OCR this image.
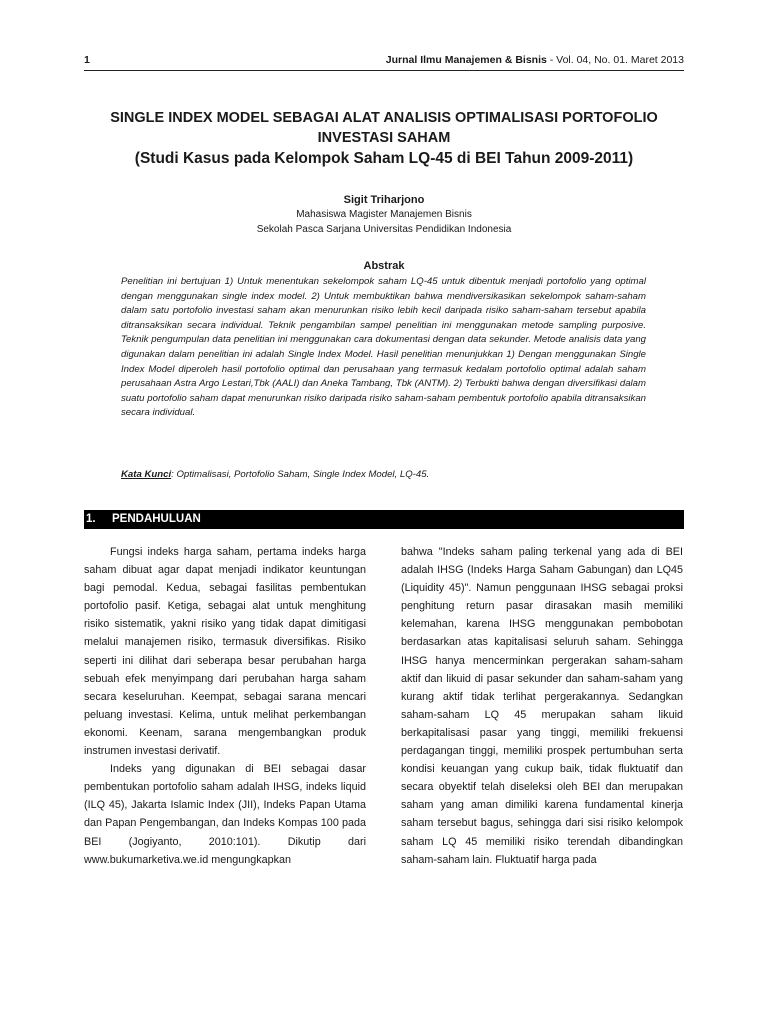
1	Jurnal Ilmu Manajemen & Bisnis - Vol. 04, No. 01. Maret 2013
SINGLE INDEX MODEL SEBAGAI ALAT ANALISIS OPTIMALISASI PORTOFOLIO
INVESTASI SAHAM
(Studi Kasus pada Kelompok Saham LQ-45 di BEI Tahun 2009-2011)
Sigit Triharjono
Mahasiswa Magister Manajemen Bisnis
Sekolah Pasca Sarjana Universitas Pendidikan Indonesia
Abstrak
Penelitian ini bertujuan 1) Untuk menentukan sekelompok saham LQ-45 untuk dibentuk menjadi portofolio yang optimal dengan menggunakan single index model. 2) Untuk membuktikan bahwa mendiversikasikan sekelompok saham-saham dalam satu portofolio investasi saham akan menurunkan risiko lebih kecil daripada risiko saham-saham tersebut apabila ditransaksikan secara individual. Teknik pengambilan sampel penelitian ini menggunakan metode sampling purposive. Teknik pengumpulan data penelitian ini menggunakan cara dokumentasi dengan data sekunder. Metode analisis data yang digunakan dalam penelitian ini adalah Single Index Model. Hasil penelitian menunjukkan 1) Dengan menggunakan Single Index Model diperoleh hasil portofolio optimal dan perusahaan yang termasuk kedalam portofolio optimal adalah saham perusahaan Astra Argo Lestari,Tbk (AALI) dan Aneka Tambang, Tbk (ANTM). 2) Terbukti bahwa dengan diversifikasi dalam suatu portofolio saham dapat menurunkan risiko daripada risiko saham-saham pembentuk portofolio apabila ditransaksikan secara individual.
Kata Kunci: Optimalisasi, Portofolio Saham, Single Index Model, LQ-45.
1. PENDAHULUAN

Fungsi indeks harga saham, pertama indeks harga saham dibuat agar dapat menjadi indikator keuntungan bagi pemodal. Kedua, sebagai fasilitas pembentukan portofolio pasif. Ketiga, sebagai alat untuk menghitung risiko sistematik, yakni risiko yang tidak dapat dimitigasi melalui manajemen risiko, termasuk diversifikas. Risiko seperti ini dilihat dari seberapa besar perubahan harga sebuah efek menyimpang dari perubahan harga saham secara keseluruhan. Keempat, sebagai sarana mencari peluang investasi. Kelima, untuk melihat perkembangan ekonomi. Keenam, sarana mengembangkan produk instrumen investasi derivatif.

Indeks yang digunakan di BEI sebagai dasar pembentukan portofolio saham adalah IHSG, indeks liquid (ILQ 45), Jakarta Islamic Index (JII), Indeks Papan Utama dan Papan Pengembangan, dan Indeks Kompas 100 pada BEI (Jogiyanto, 2010:101). Dikutip dari www.bukumarketiva.we.id mengungkapkan

bahwa "Indeks saham paling terkenal yang ada di BEI adalah IHSG (Indeks Harga Saham Gabungan) dan LQ45 (Liquidity 45)". Namun penggunaan IHSG sebagai proksi penghitung return pasar dirasakan masih memiliki kelemahan, karena IHSG menggunakan pembobotan berdasarkan atas kapitalisasi seluruh saham. Sehingga IHSG hanya mencerminkan pergerakan saham-saham aktif dan likuid di pasar sekunder dan saham-saham yang kurang aktif tidak terlihat pergerakannya. Sedangkan saham-saham LQ 45 merupakan saham likuid berkapitalisasi pasar yang tinggi, memiliki frekuensi perdagangan tinggi, memiliki prospek pertumbuhan serta kondisi keuangan yang cukup baik, tidak fluktuatif dan secara obyektif telah diseleksi oleh BEI dan merupakan saham yang aman dimiliki karena fundamental kinerja saham tersebut bagus, sehingga dari sisi risiko kelompok saham LQ 45 memiliki risiko terendah dibandingkan saham-saham lain. Fluktuatif harga pada
